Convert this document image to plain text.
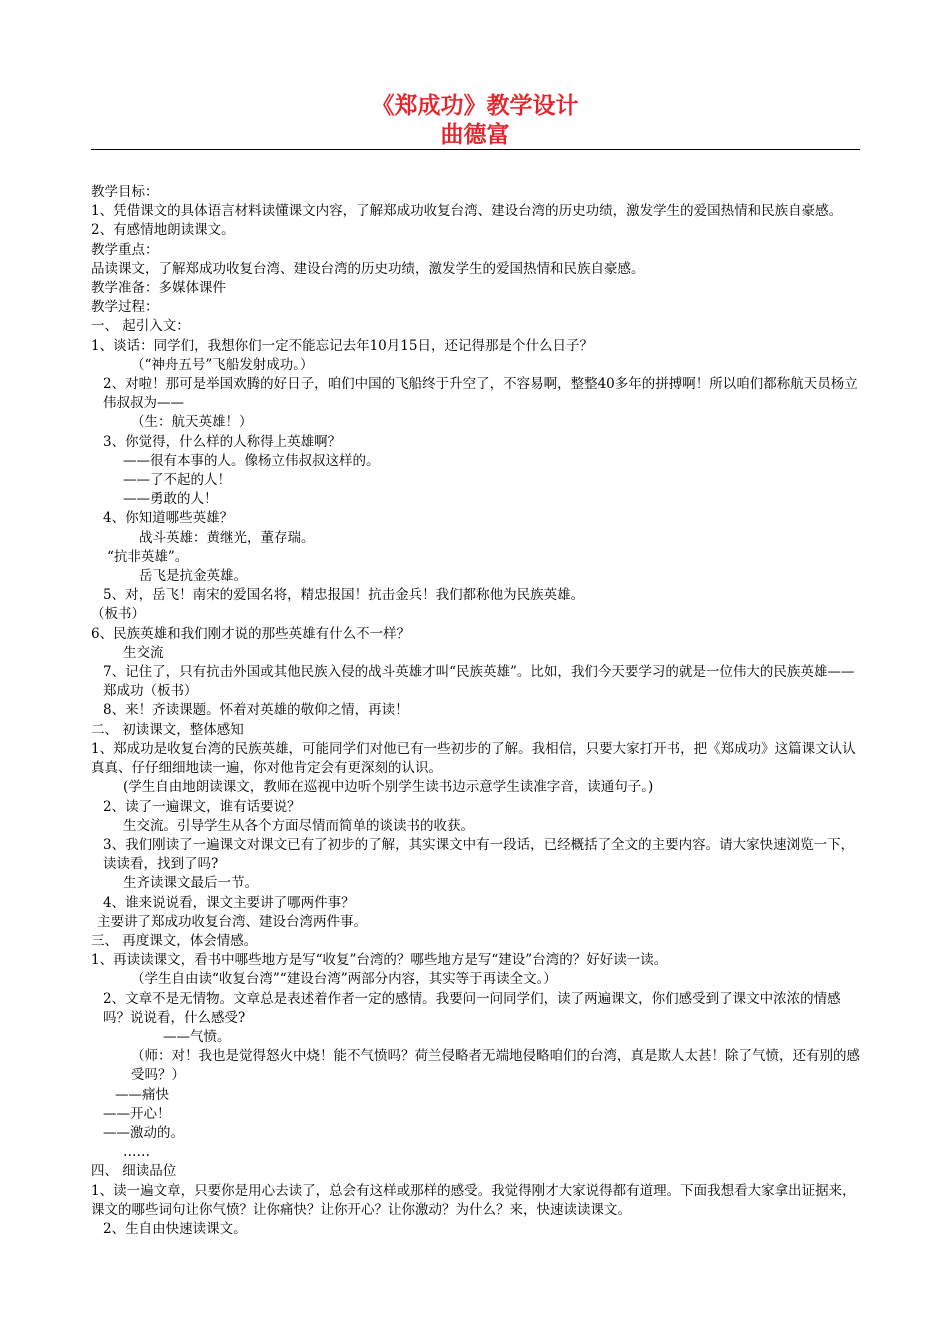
《郑成功》教学设计
曲德富

教学目标：

1、凭借课文的具体语言材料读懂课文内容，了解郑成功收复台湾、建设台湾的历史功绩，激发学生的爱国热情和民族自豪感。

2、有感情地朗读课文。

教学重点：

品读课文，了解郑成功收复台湾、建设台湾的历史功绩，激发学生的爱国热情和民族自豪感。

教学准备：多媒体课件

教学过程：

一、 起引入文：

1、谈话：同学们，我想你们一定不能忘记去年10月15日，还记得那是个什么日子？

（“神舟五号”飞船发射成功。）

2、对啦！那可是举国欢腾的好日子，咱们中国的飞船终于升空了，不容易啊，整整40多年的拼搏啊！所以咱们都称航天员杨立伟叔叔为——

（生：航天英雄！）

3、你觉得，什么样的人称得上英雄啊？

——很有本事的人。像杨立伟叔叔这样的。

——了不起的人！

——勇敢的人！

4、你知道哪些英雄？

战斗英雄：黄继光，董存瑞。

“抗非英雄”。

岳飞是抗金英雄。

5、对，岳飞！南宋的爱国名将，精忠报国！抗击金兵！我们都称他为民族英雄。

（板书）

6、民族英雄和我们刚才说的那些英雄有什么不一样？

生交流

7、记住了，只有抗击外国或其他民族入侵的战斗英雄才叫“民族英雄”。比如，我们今天要学习的就是一位伟大的民族英雄——郑成功（板书）

8、来！齐读课题。怀着对英雄的敬仰之情，再读！

二、 初读课文，整体感知

1、郑成功是收复台湾的民族英雄，可能同学们对他已有一些初步的了解。我相信，只要大家打开书，把《郑成功》这篇课文认认真真、仔仔细细地读一遍，你对他肯定会有更深刻的认识。

(学生自由地朗读课文，教师在巡视中边听个别学生读书边示意学生读准字音，读通句子。)

2、读了一遍课文，谁有话要说？

生交流。引导学生从各个方面尽情而简单的谈读书的收获。

3、我们刚读了一遍课文对课文已有了初步的了解，其实课文中有一段话，已经概括了全文的主要内容。请大家快速浏览一下，读读看，找到了吗?

生齐读课文最后一节。

4、谁来说说看，课文主要讲了哪两件事？

主要讲了郑成功收复台湾、建设台湾两件事。

三、 再度课文，体会情感。

1、再读读课文，看书中哪些地方是写“收复”台湾的？哪些地方是写“建设”台湾的？好好读一读。

（学生自由读“收复台湾”“建设台湾”两部分内容，其实等于再读全文。）

2、文章不是无情物。文章总是表述着作者一定的感情。我要问一问同学们，读了两遍课文，你们感受到了课文中浓浓的情感吗？说说看，什么感受?

——气愤。

（师：对！我也是觉得怒火中烧！能不气愤吗？荷兰侵略者无端地侵略咱们的台湾，真是欺人太甚！除了气愤，还有别的感受吗？）

——痛快

——开心！

——激动的。

……

四、 细读品位

1、读一遍文章，只要你是用心去读了，总会有这样或那样的感受。我觉得刚才大家说得都有道理。下面我想看大家拿出证据来，课文的哪些词句让你气愤？让你痛快？让你开心？让你激动？为什么？来，快速读读课文。

2、生自由快速读课文。
